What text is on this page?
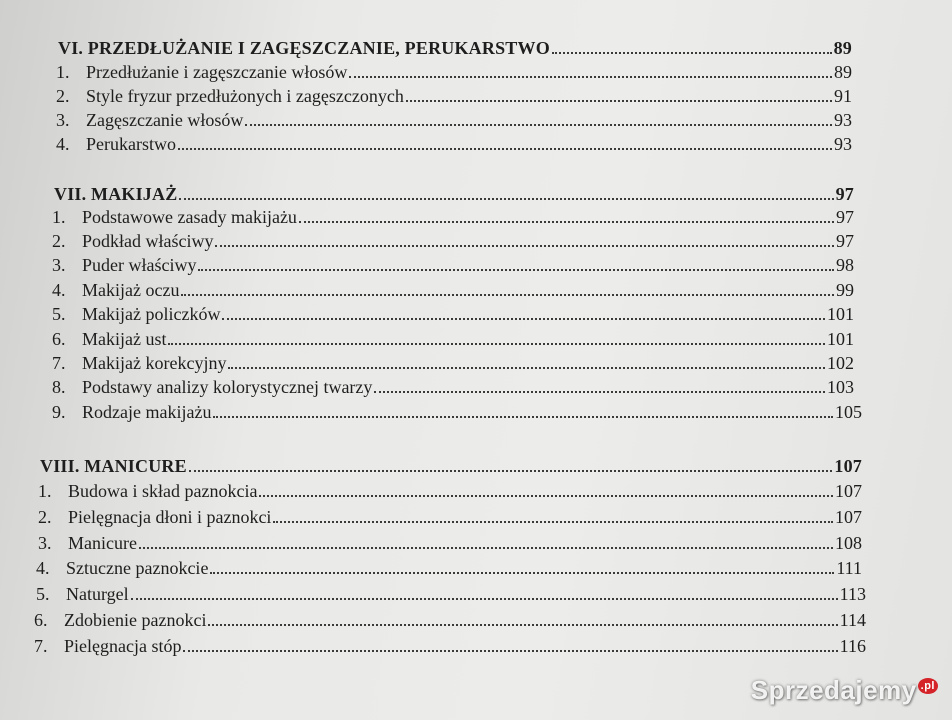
VI. PRZEDŁUŻANIE I ZAGĘSZCZANIE, PERUKARSTWO	89
1. Przedłużanie i zagęszczanie włosów	89
2. Style fryzur przedłużonych i zagęszczonych	91
3. Zagęszczanie włosów	93
4. Perukarstwo	93
VII. MAKIJAŻ	97
1. Podstawowe zasady makijażu	97
2. Podkład właściwy	97
3. Puder właściwy	98
4. Makijaż oczu	99
5. Makijaż policzków	101
6. Makijaż ust	101
7. Makijaż korekcyjny	102
8. Podstawy analizy kolorystycznej twarzy	103
9. Rodzaje makijażu	105
VIII. MANICURE	107
1. Budowa i skład paznokcia	107
2. Pielęgnacja dłoni i paznokci	107
3. Manicure	108
4. Sztuczne paznokcie	111
5. Naturgel	113
6. Zdobienie paznokci	114
7. Pielęgnacja stóp	116
Sprzedajemy $^{.pl}$
